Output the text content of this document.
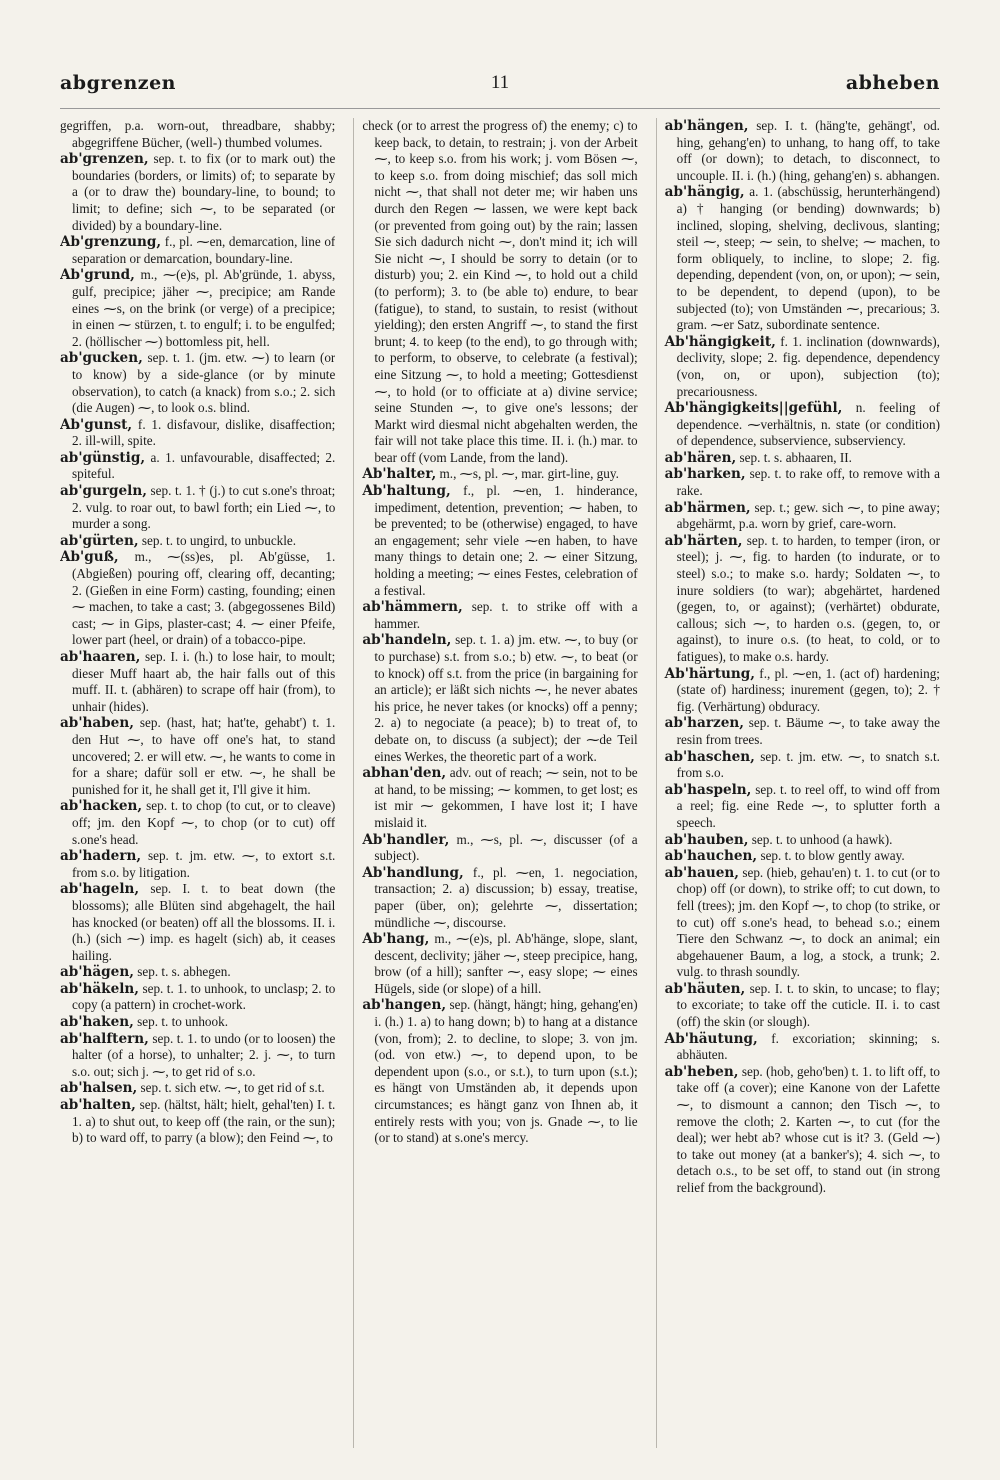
11
abgrenzen	abheben

gegriffen, p.a. worn-out, threadbare, shabby; abgegriffene Bücher, (well-) thumbed volumes.

ab'grenzen, sep. t. to fix (or to mark out) the boundaries (borders, or limits) of; to separate by a (or to draw the) boundary-line, to bound; to limit; to define; sich ⁓, to be separated (or divided) by a boundary-line.

Ab'grenzung, f., pl. ⁓en, demarcation, line of separation or demarcation, boundary-line.

Ab'grund, m., ⁓(e)s, pl. Ab'gründe, 1. abyss, gulf, precipice; jäher ⁓, precipice; am Rande eines ⁓s, on the brink (or verge) of a precipice; in einen ⁓ stürzen, t. to engulf; i. to be engulfed; 2. (höllischer ⁓) bottomless pit, hell.

ab'gucken, sep. t. 1. (jm. etw. ⁓) to learn (or to know) by a side-glance (or by minute observation), to catch (a knack) from s.o.; 2. sich (die Augen) ⁓, to look o.s. blind.

Ab'gunst, f. 1. disfavour, dislike, disaffection; 2. ill-will, spite.

ab'günstig, a. 1. unfavourable, disaffected; 2. spiteful.

ab'gurgeln, sep. t. 1. † (j.) to cut s.one's throat; 2. vulg. to roar out, to bawl forth; ein Lied ⁓, to murder a song.

ab'gürten, sep. t. to ungird, to unbuckle.

Ab'guß, m., ⁓(ss)es, pl. Ab'güsse, 1. (Abgießen) pouring off, clearing off, decanting; 2. (Gießen in eine Form) casting, founding; einen ⁓ machen, to take a cast; 3. (abgegossenes Bild) cast; ⁓ in Gips, plaster-cast; 4. ⁓ einer Pfeife, lower part (heel, or drain) of a tobacco-pipe.

ab'haaren, sep. I. i. (h.) to lose hair, to moult; dieser Muff haart ab, the hair falls out of this muff. II. t. (abhären) to scrape off hair (from), to unhair (hides).

ab'haben, sep. (hast, hat; hat'te, gehabt') t. 1. den Hut ⁓, to have off one's hat, to stand uncovered; 2. er will etw. ⁓, he wants to come in for a share; dafür soll er etw. ⁓, he shall be punished for it, he shall get it, I'll give it him.

ab'hacken, sep. t. to chop (to cut, or to cleave) off; jm. den Kopf ⁓, to chop (or to cut) off s.one's head.

ab'hadern, sep. t. jm. etw. ⁓, to extort s.t. from s.o. by litigation.

ab'hageln, sep. I. t. to beat down (the blossoms); alle Blüten sind abgehagelt, the hail has knocked (or beaten) off all the blossoms. II. i. (h.) (sich ⁓) imp. es hagelt (sich) ab, it ceases hailing.

ab'hägen, sep. t. s. abhegen.

ab'häkeln, sep. t. 1. to unhook, to unclasp; 2. to copy (a pattern) in crochet-work.

ab'haken, sep. t. to unhook.

ab'halftern, sep. t. 1. to undo (or to loosen) the halter (of a horse), to unhalter; 2. j. ⁓, to turn s.o. out; sich j. ⁓, to get rid of s.o.

ab'halsen, sep. t. sich etw. ⁓, to get rid of s.t.

ab'halten, sep. (hältst, hält; hielt, gehal'ten) I. t. 1. a) to shut out, to keep off (the rain, or the sun); b) to ward off, to parry (a blow); den Feind ⁓, to

check (or to arrest the progress of) the enemy; c) to keep back, to detain, to restrain; j. von der Arbeit ⁓, to keep s.o. from his work; j. vom Bösen ⁓, to keep s.o. from doing mischief; das soll mich nicht ⁓, that shall not deter me; wir haben uns durch den Regen ⁓ lassen, we were kept back (or prevented from going out) by the rain; lassen Sie sich dadurch nicht ⁓, don't mind it; ich will Sie nicht ⁓, I should be sorry to detain (or to disturb) you; 2. ein Kind ⁓, to hold out a child (to perform); 3. to (be able to) endure, to bear (fatigue), to stand, to sustain, to resist (without yielding); den ersten Angriff ⁓, to stand the first brunt; 4. to keep (to the end), to go through with; to perform, to observe, to celebrate (a festival); eine Sitzung ⁓, to hold a meeting; Gottesdienst ⁓, to hold (or to officiate at a) divine service; seine Stunden ⁓, to give one's lessons; der Markt wird diesmal nicht abgehalten werden, the fair will not take place this time. II. i. (h.) mar. to bear off (vom Lande, from the land).

Ab'halter, m., ⁓s, pl. ⁓, mar. girt-line, guy.

Ab'haltung, f., pl. ⁓en, 1. hinderance, impediment, detention, prevention; ⁓ haben, to be prevented; to be (otherwise) engaged, to have an engagement; sehr viele ⁓en haben, to have many things to detain one; 2. ⁓ einer Sitzung, holding a meeting; ⁓ eines Festes, celebration of a festival.

ab'hämmern, sep. t. to strike off with a hammer.

ab'handeln, sep. t. 1. a) jm. etw. ⁓, to buy (or to purchase) s.t. from s.o.; b) etw. ⁓, to beat (or to knock) off s.t. from the price (in bargaining for an article); er läßt sich nichts ⁓, he never abates his price, he never takes (or knocks) off a penny; 2. a) to negociate (a peace); b) to treat of, to debate on, to discuss (a subject); der ⁓de Teil eines Werkes, the theoretic part of a work.

abhan'den, adv. out of reach; ⁓ sein, not to be at hand, to be missing; ⁓ kommen, to get lost; es ist mir ⁓ gekommen, I have lost it; I have mislaid it.

Ab'handler, m., ⁓s, pl. ⁓, discusser (of a subject).

Ab'handlung, f., pl. ⁓en, 1. negociation, transaction; 2. a) discussion; b) essay, treatise, paper (über, on); gelehrte ⁓, dissertation; mündliche ⁓, discourse.

Ab'hang, m., ⁓(e)s, pl. Ab'hänge, slope, slant, descent, declivity; jäher ⁓, steep precipice, hang, brow (of a hill); sanfter ⁓, easy slope; ⁓ eines Hügels, side (or slope) of a hill.

ab'hangen, sep. (hängt, hängt; hing, gehang'en) i. (h.) 1. a) to hang down; b) to hang at a distance (von, from); 2. to decline, to slope; 3. von jm. (od. von etw.) ⁓, to depend upon, to be dependent upon (s.o., or s.t.), to turn upon (s.t.); es hängt von Umständen ab, it depends upon circumstances; es hängt ganz von Ihnen ab, it entirely rests with you; von js. Gnade ⁓, to lie (or to stand) at s.one's mercy.

ab'hängen, sep. I. t. (häng'te, gehängt', od. hing, gehang'en) to unhang, to hang off, to take off (or down); to detach, to disconnect, to uncouple. II. i. (h.) (hing, gehang'en) s. abhangen.

ab'hängig, a. 1. (abschüssig, herunterhängend) a) † hanging (or bending) downwards; b) inclined, sloping, shelving, declivous, slanting; steil ⁓, steep; ⁓ sein, to shelve; ⁓ machen, to form obliquely, to incline, to slope; 2. fig. depending, dependent (von, on, or upon); ⁓ sein, to be dependent, to depend (upon), to be subjected (to); von Umständen ⁓, precarious; 3. gram. ⁓er Satz, subordinate sentence.

Ab'hängigkeit, f. 1. inclination (downwards), declivity, slope; 2. fig. dependence, dependency (von, on, or upon), subjection (to); precariousness.

Ab'hängigkeits||gefühl, n. feeling of dependence. ⁓verhältnis, n. state (or condition) of dependence, subservience, subserviency.

ab'hären, sep. t. s. abhaaren, II.

ab'harken, sep. t. to rake off, to remove with a rake.

ab'härmen, sep. t.; gew. sich ⁓, to pine away; abgehärmt, p.a. worn by grief, care-worn.

ab'härten, sep. t. to harden, to temper (iron, or steel); j. ⁓, fig. to harden (to indurate, or to steel) s.o.; to make s.o. hardy; Soldaten ⁓, to inure soldiers (to war); abgehärtet, hardened (gegen, to, or against); (verhärtet) obdurate, callous; sich ⁓, to harden o.s. (gegen, to, or against), to inure o.s. (to heat, to cold, or to fatigues), to make o.s. hardy.

Ab'härtung, f., pl. ⁓en, 1. (act of) hardening; (state of) hardiness; inurement (gegen, to); 2. † fig. (Verhärtung) obduracy.

ab'harzen, sep. t. Bäume ⁓, to take away the resin from trees.

ab'haschen, sep. t. jm. etw. ⁓, to snatch s.t. from s.o.

ab'haspeln, sep. t. to reel off, to wind off from a reel; fig. eine Rede ⁓, to splutter forth a speech.

ab'hauben, sep. t. to unhood (a hawk).

ab'hauchen, sep. t. to blow gently away.

ab'hauen, sep. (hieb, gehau'en) t. 1. to cut (or to chop) off (or down), to strike off; to cut down, to fell (trees); jm. den Kopf ⁓, to chop (to strike, or to cut) off s.one's head, to behead s.o.; einem Tiere den Schwanz ⁓, to dock an animal; ein abgehauener Baum, a log, a stock, a trunk; 2. vulg. to thrash soundly.

ab'häuten, sep. I. t. to skin, to uncase; to flay; to excoriate; to take off the cuticle. II. i. to cast (off) the skin (or slough).

Ab'häutung, f. excoriation; skinning; s. abhäuten.

ab'heben, sep. (hob, geho'ben) t. 1. to lift off, to take off (a cover); eine Kanone von der Lafette ⁓, to dismount a cannon; den Tisch ⁓, to remove the cloth; 2. Karten ⁓, to cut (for the deal); wer hebt ab? whose cut is it? 3. (Geld ⁓) to take out money (at a banker's); 4. sich ⁓, to detach o.s., to be set off, to stand out (in strong relief from the background).
